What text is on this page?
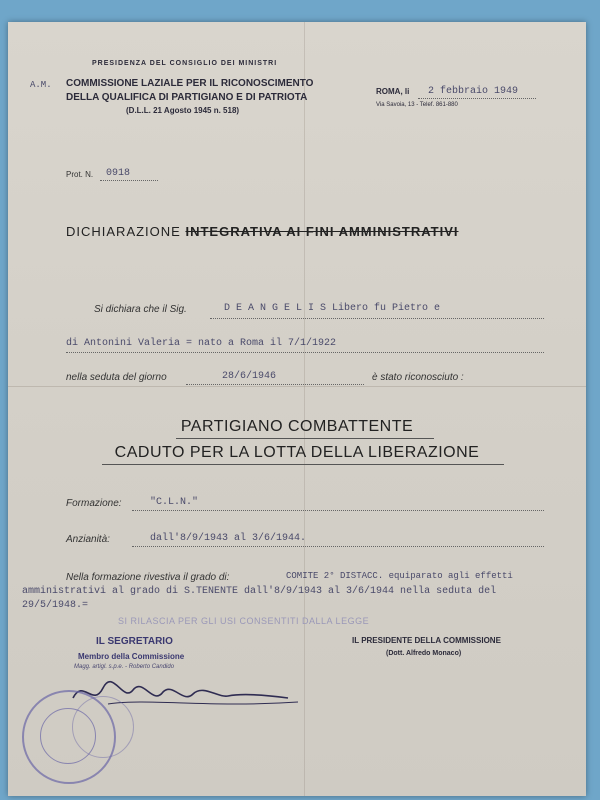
PRESIDENZA DEL CONSIGLIO DEI MINISTRI
A.M. COMMISSIONE LAZIALE PER IL RICONOSCIMENTO
DELLA QUALIFICA DI PARTIGIANO E DI PATRIOTA
(D.L.L. 21 Agosto 1945 n. 518)
ROMA, li 2 febbraio 1949
Via Savoia, 13 - Telef. 861-880
Prot. N. 0918
DICHIARAZIONE INTEGRATIVA AI FINI AMMINISTRATIVI
Si dichiara che il Sig.	D E A N G E L I S Libero fu Pietro e
di Antonini Valeria = nato a Roma il 7/1/1922
nella seduta del giorno	28/6/1946	è stato riconosciuto :
PARTIGIANO COMBATTENTE
CADUTO PER LA LOTTA DELLA LIBERAZIONE
Formazione:	"C.L.N."
Anzianità:	dall'8/9/1943 al 3/6/1944.
Nella formazione rivestiva il grado di:	COMITE 2° DISTACC. equiparato agli effetti
amministrativi al grado di S.TENENTE dall'8/9/1943 al 3/6/1944 nella seduta del
29/5/1948.=
SI RILASCIA PER GLI USI CONSENTITI DALLA LEGGE
IL SEGRETARIO
Membro della Commissione
Magg. artigl. s.p.e. - Roberto Candido
IL PRESIDENTE DELLA COMMISSIONE
(Dott. Alfredo Monaco)
